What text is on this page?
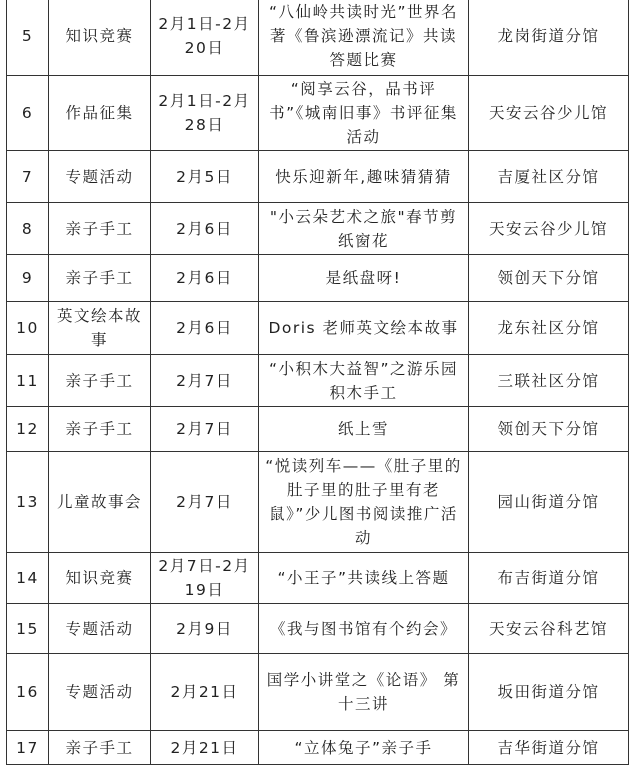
5	知识竞赛	2月1日-2月20日	“八仙岭共读时光”世界名著《鲁滨逊漂流记》共读答题比赛	龙岗街道分馆
6	作品征集	2月1日-2月28日	“阅享云谷，品书评书”《城南旧事》书评征集活动	天安云谷少儿馆
7	专题活动	2月5日	快乐迎新年,趣味猜猜猜	吉厦社区分馆
8	亲子手工	2月6日	"小云朵艺术之旅"春节剪纸窗花	天安云谷少儿馆
9	亲子手工	2月6日	是纸盘呀!	领创天下分馆
10	英文绘本故事	2月6日	Doris 老师英文绘本故事	龙东社区分馆
11	亲子手工	2月7日	“小积木大益智”之游乐园积木手工	三联社区分馆
12	亲子手工	2月7日	纸上雪	领创天下分馆
13	儿童故事会	2月7日	“悦读列车——《肚子里的肚子里的肚子里有老鼠》”少儿图书阅读推广活动	园山街道分馆
14	知识竞赛	2月7日-2月19日	“小王子”共读线上答题	布吉街道分馆
15	专题活动	2月9日	《我与图书馆有个约会》	天安云谷科艺馆
16	专题活动	2月21日	国学小讲堂之《论语》 第十三讲	坂田街道分馆
17	亲子手工	2月21日	“立体兔子”亲子手	吉华街道分馆
